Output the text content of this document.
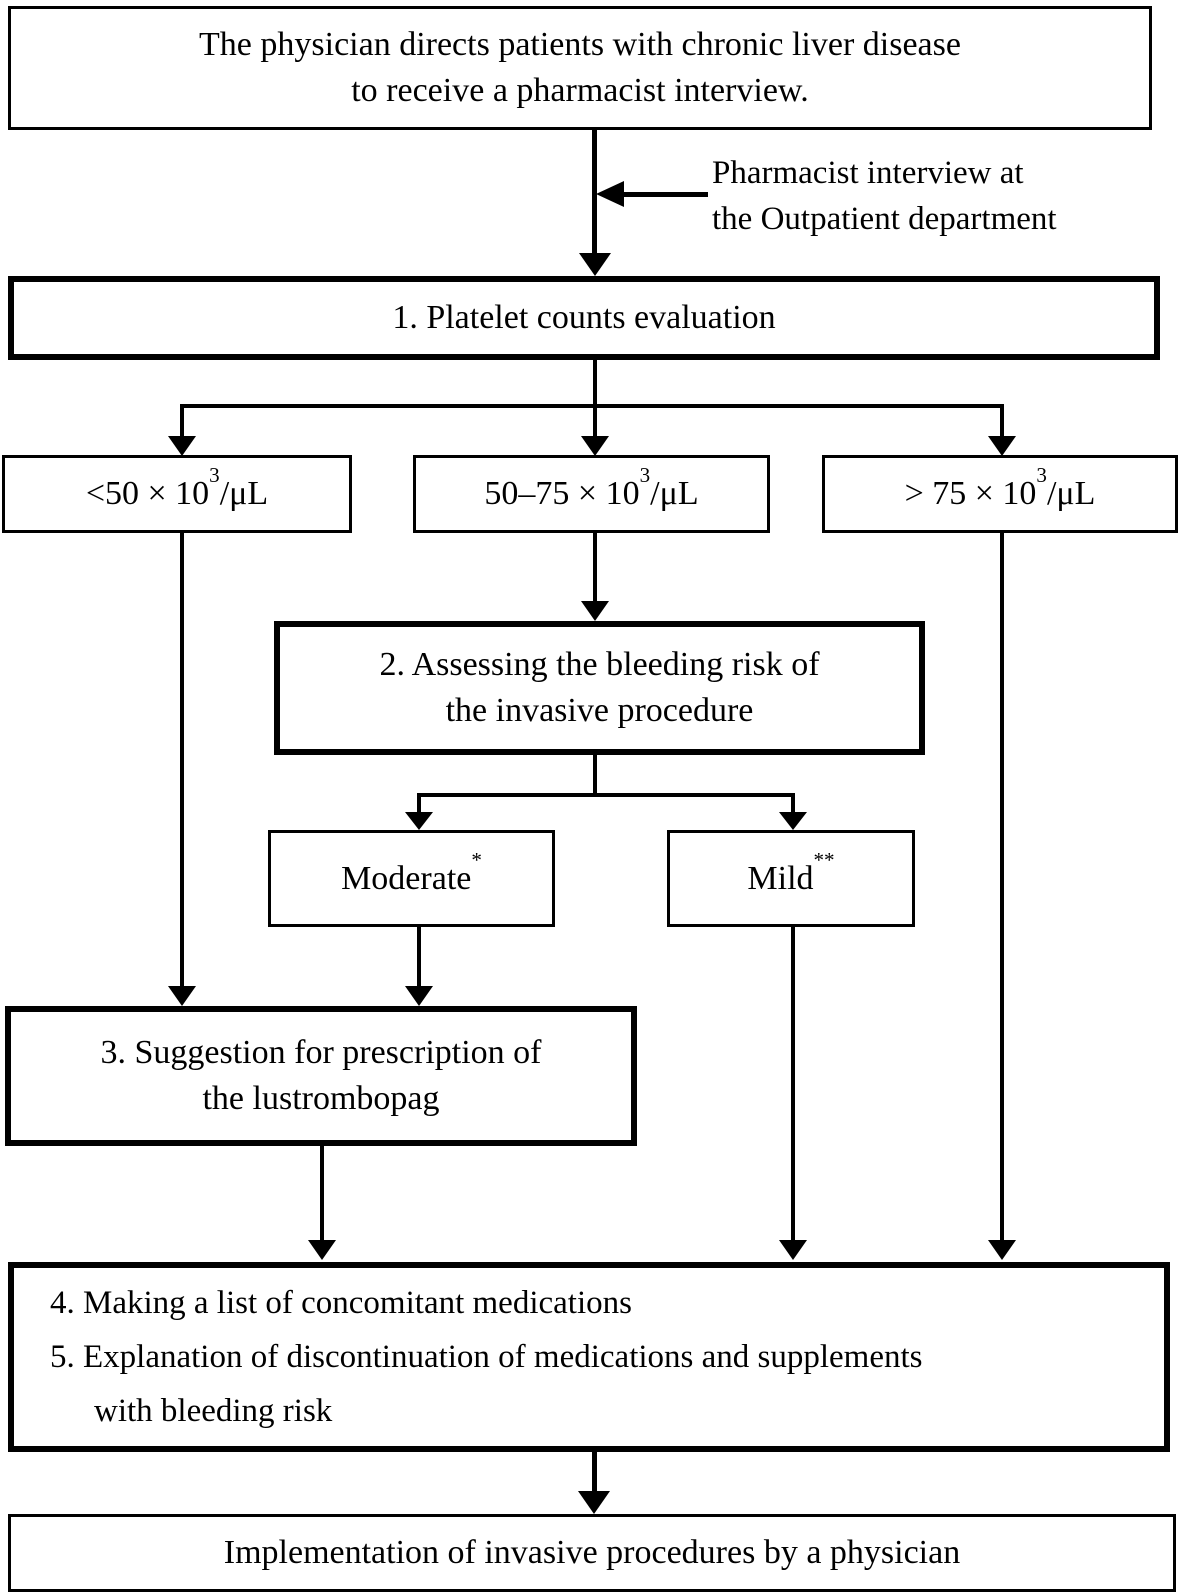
The physician directs patients with chronic liver disease
to receive a pharmacist interview.
Pharmacist interview at
the Outpatient department
1. Platelet counts evaluation
$<50 \times 10^3/\mu L$	$50-75 \times 10^3/\mu L$	> $75 \times 10^3/\mu L$
2. Assessing the bleeding risk of
the invasive procedure
Moderate*	Mild**
3. Suggestion for prescription of
the lustrombopag
4. Making a list of concomitant medications
5. Explanation of discontinuation of medications and supplements
with bleeding risk
Implementation of invasive procedures by a physician
